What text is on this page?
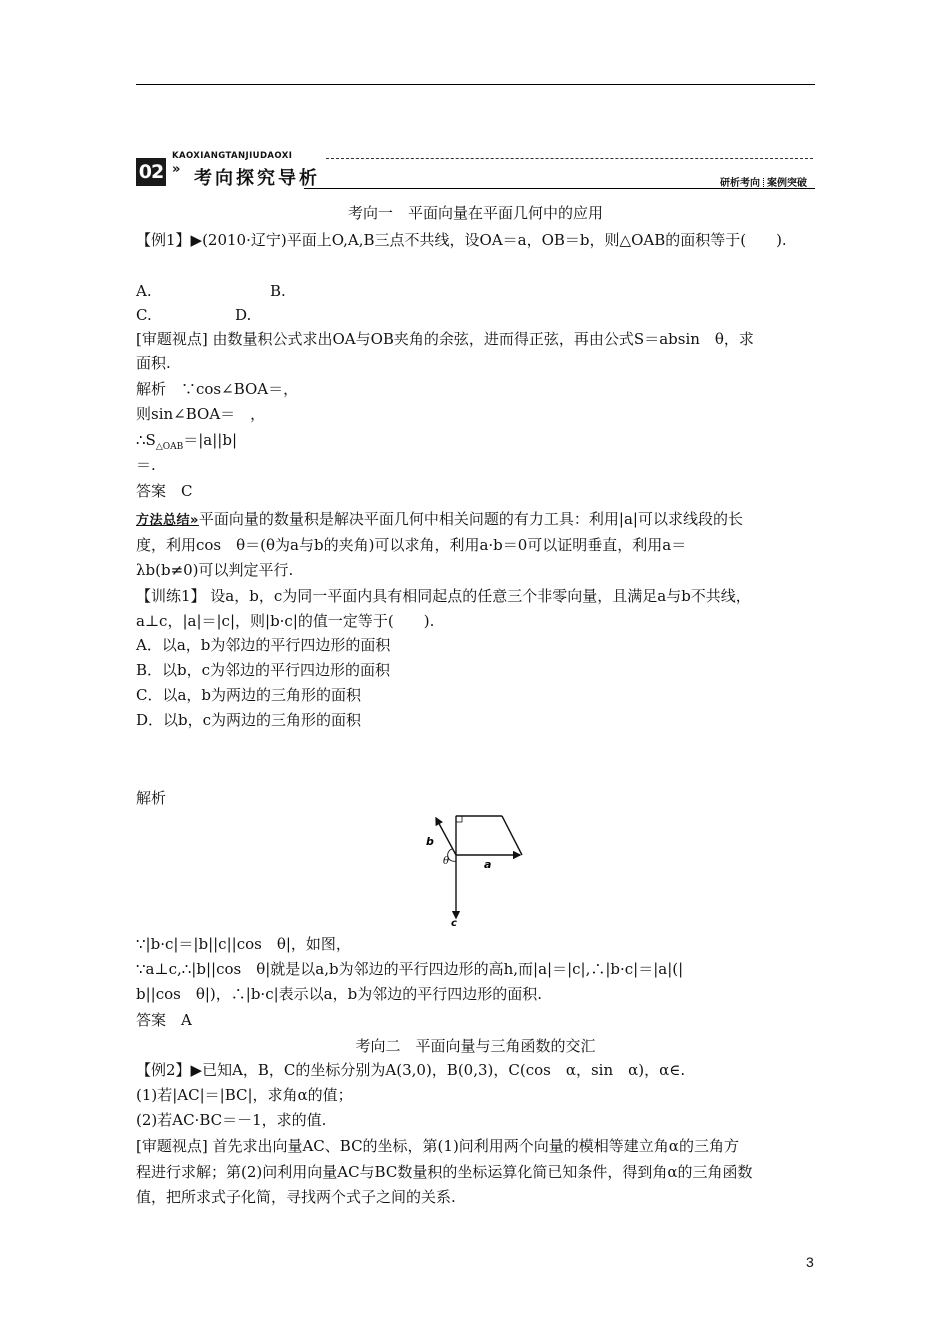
02
KAOXIANGTANJIUDAOXI
» 考向探究导析	研析考向 案例突破
考向一　平面向量在平面几何中的应用
【例1】▶(2010·辽宁)平面上O,A,B三点不共线，设OA＝a，OB＝b，则△OAB的面积等于(　　).
A.	B.
C.	D.
[审题视点] 由数量积公式求出OA与OB夹角的余弦，进而得正弦，再由公式S＝absin　θ，求
面积.
解析　∵cos∠BOA＝，
则sin∠BOA＝　，
$\therefore S_{\triangle OAB}=|a||b|$
＝.
答案　C
方法总结»平面向量的数量积是解决平面几何中相关问题的有力工具：利用|a|可以求线段的长
度，利用cos　θ＝(θ为a与b的夹角)可以求角，利用a·b＝0可以证明垂直，利用a＝
λb(b≠0)可以判定平行.
【训练1】 设a，b，c为同一平面内具有相同起点的任意三个非零向量，且满足a与b不共线，
a⊥c，|a|＝|c|，则|b·c|的值一定等于(　　).
A．以a，b为邻边的平行四边形的面积
B．以b，c为邻边的平行四边形的面积
C．以a，b为两边的三角形的面积
D．以b，c为两边的三角形的面积
解析
b
θ	a
c
∵|b·c|＝|b||c||cos　θ|，如图，
∵a⊥c,∴|b||cos　θ|就是以a,b为邻边的平行四边形的高h,而|a|＝|c|,∴|b·c|＝|a|(|
b||cos　θ|)，∴|b·c|表示以a，b为邻边的平行四边形的面积.
答案　A
考向二　平面向量与三角函数的交汇
【例2】▶已知A，B，C的坐标分别为A(3,0)，B(0,3)，C(cos　α，sin　α)，α∈.
(1)若|AC|＝|BC|，求角α的值；
(2)若AC·BC＝－1，求的值.
[审题视点] 首先求出向量AC、BC的坐标，第(1)问利用两个向量的模相等建立角α的三角方
程进行求解；第(2)问利用向量AC与BC数量积的坐标运算化简已知条件，得到角α的三角函数
值，把所求式子化简，寻找两个式子之间的关系.
3
